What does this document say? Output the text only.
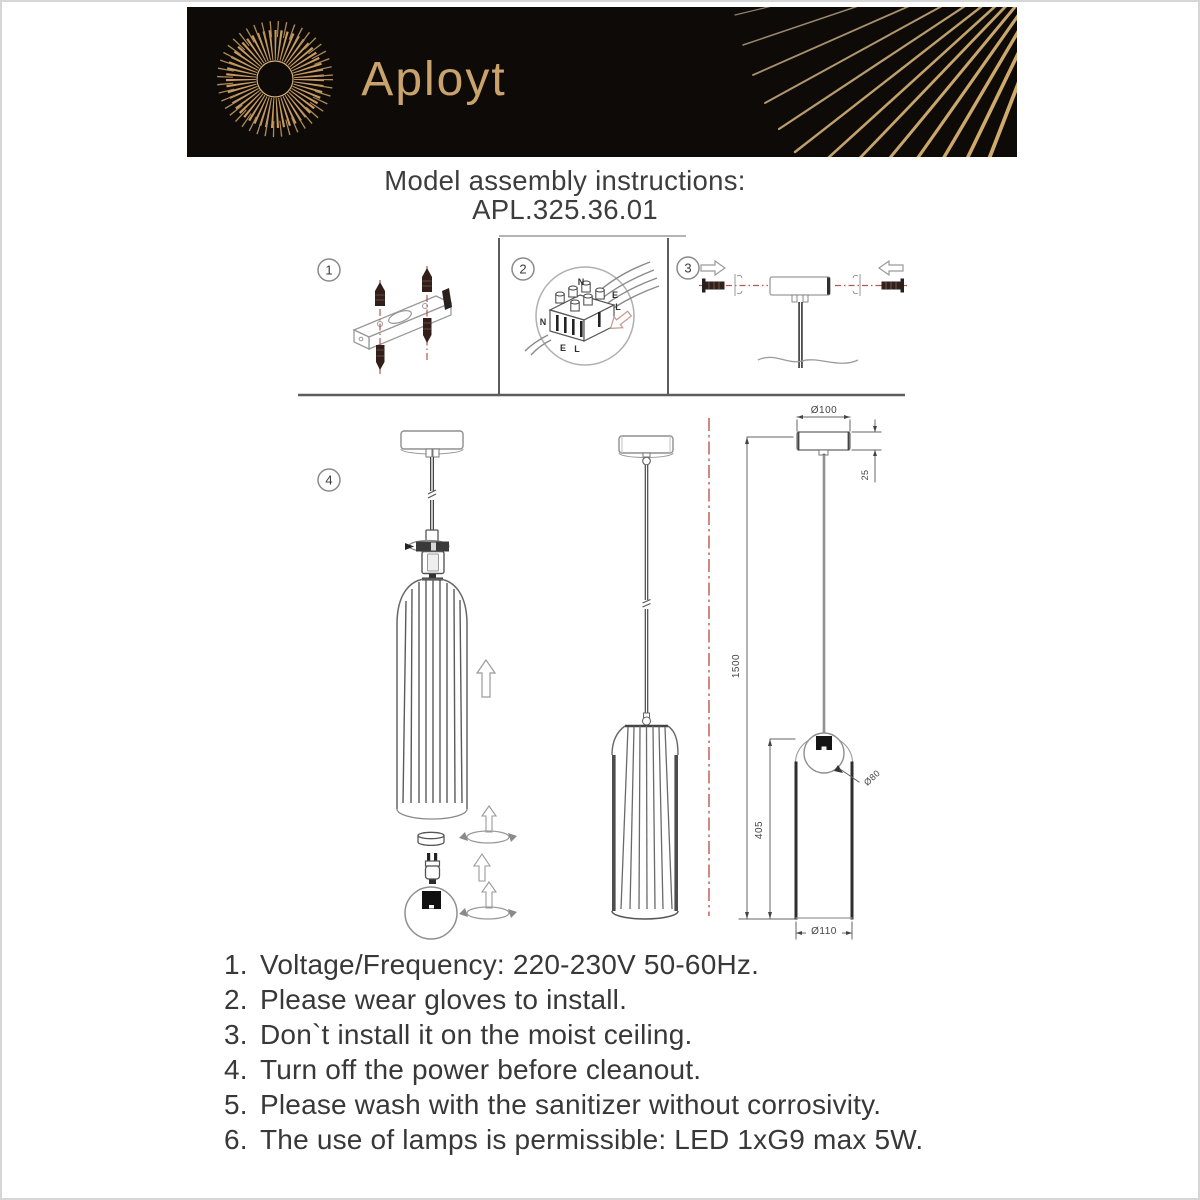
Aployt
Model assembly instructions:
APL.325.36.01
1	2
N
E
L
N
E L
3
4
1500
405
Ø100
25
Ø80
Ø110
1. Voltage/Frequency: 220-230V 50-60Hz.
2. Please wear gloves to install.
3. Don`t install it on the moist ceiling.
4. Turn off the power before cleanout.
5. Please wash with the sanitizer without corrosivity.
6. The use of lamps is permissible: LED 1xG9 max 5W.
